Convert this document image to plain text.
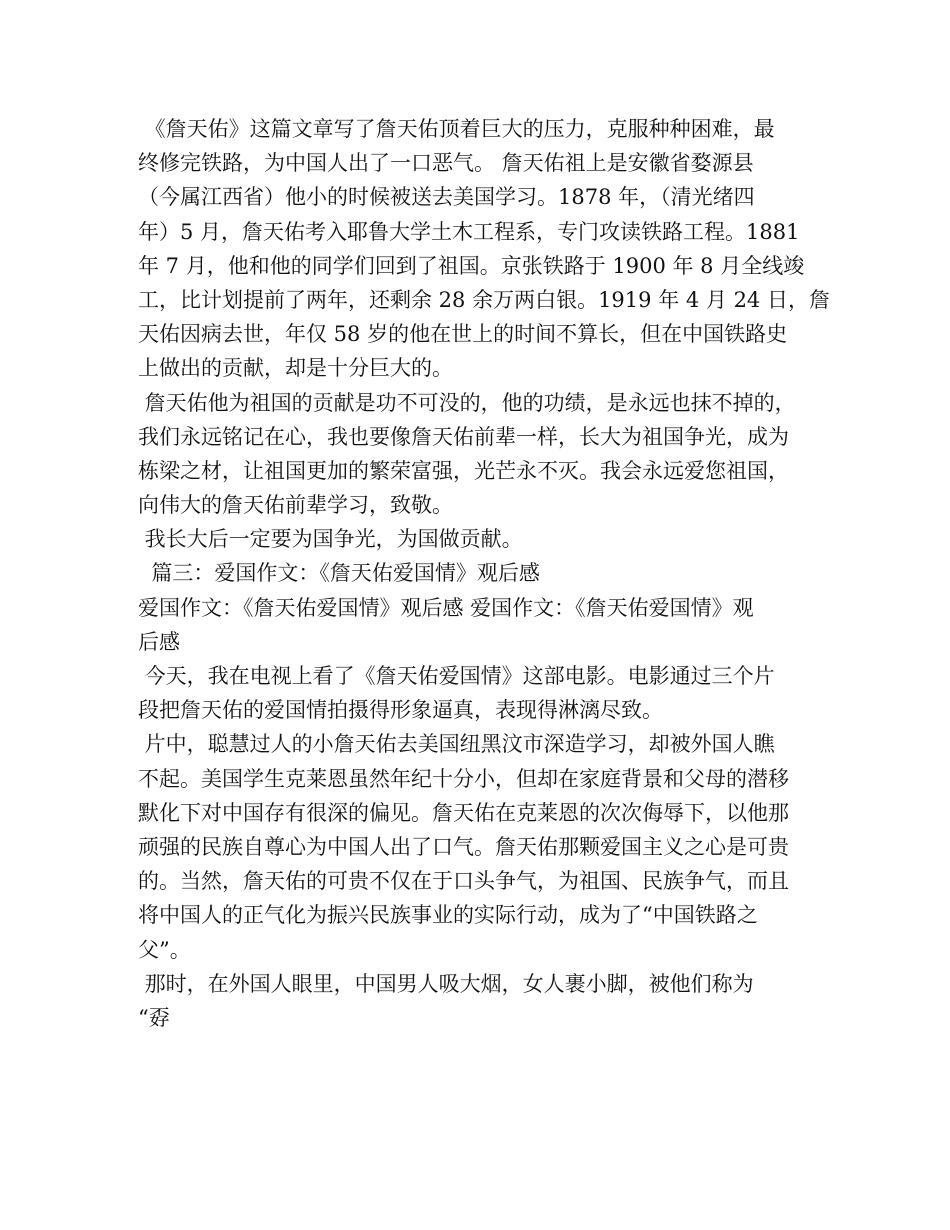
《詹天佑》这篇文章写了詹天佑顶着巨大的压力，克服种种困难，最
终修完铁路，为中国人出了一口恶气。 詹天佑祖上是安徽省婺源县
（今属江西省）他小的时候被送去美国学习。1878 年，（清光绪四
年）5 月，詹天佑考入耶鲁大学土木工程系，专门攻读铁路工程。1881
年 7 月，他和他的同学们回到了祖国。京张铁路于 1900 年 8 月全线竣
工，比计划提前了两年，还剩余 28 余万两白银。1919 年 4 月 24 日，詹
天佑因病去世，年仅 58 岁的他在世上的时间不算长，但在中国铁路史
上做出的贡献，却是十分巨大的。
詹天佑他为祖国的贡献是功不可没的，他的功绩，是永远也抹不掉的，
我们永远铭记在心，我也要像詹天佑前辈一样，长大为祖国争光，成为
栋梁之材，让祖国更加的繁荣富强，光芒永不灭。我会永远爱您祖国，
向伟大的詹天佑前辈学习，致敬。
我长大后一定要为国争光，为国做贡献。
篇三：爱国作文：《詹天佑爱国情》观后感
爱国作文：《詹天佑爱国情》观后感 爱国作文：《詹天佑爱国情》观
后感
今天，我在电视上看了《詹天佑爱国情》这部电影。电影通过三个片
段把詹天佑的爱国情拍摄得形象逼真，表现得淋漓尽致。
片中，聪慧过人的小詹天佑去美国纽黑汶市深造学习，却被外国人瞧
不起。美国学生克莱恩虽然年纪十分小，但却在家庭背景和父母的潜移
默化下对中国存有很深的偏见。詹天佑在克莱恩的次次侮辱下，以他那
顽强的民族自尊心为中国人出了口气。詹天佑那颗爱国主义之心是可贵
的。当然，詹天佑的可贵不仅在于口头争气，为祖国、民族争气，而且
将中国人的正气化为振兴民族事业的实际行动，成为了“中国铁路之
父”。
那时，在外国人眼里，中国男人吸大烟，女人裹小脚，被他们称为
“孬
